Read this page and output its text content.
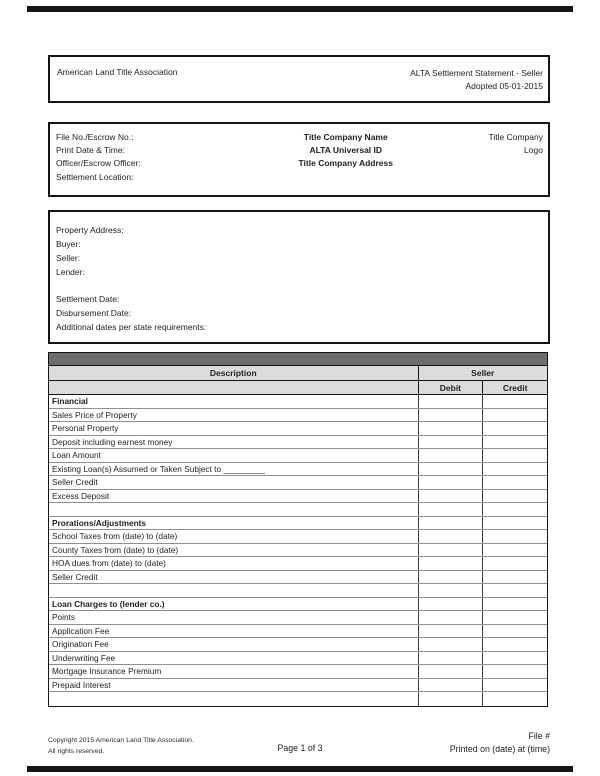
American Land Title Association	ALTA Settlement Statement - Seller
Adopted 05-01-2015
File No./Escrow No.:
Print Date & Time:
Officer/Escrow Officer:
Settlement Location:
Title Company Name
ALTA Universal ID
Title Company Address
Title Company
Logo
Property Address:
Buyer:
Seller:
Lender:
Settlement Date:
Disbursement Date:
Additional dates per state requirements:
Description	Seller
Debit	Credit
Financial
Sales Price of Property
Personal Property
Deposit including earnest money
Loan Amount
Existing Loan(s) Assumed or Taken Subject to _________
Seller Credit
Excess Deposit
Prorations/Adjustments
School Taxes from (date) to (date)
County Taxes from (date) to (date)
HOA dues from (date) to (date)
Seller Credit
Loan Charges to (lender co.)
Points
Application Fee
Origination Fee
Underwriting Fee
Mortgage Insurance Premium
Prepaid Interest
Copyright 2015 American Land Title Association.
All rights reserved.	Page 1 of 3
File #
Printed on (date) at (time)
